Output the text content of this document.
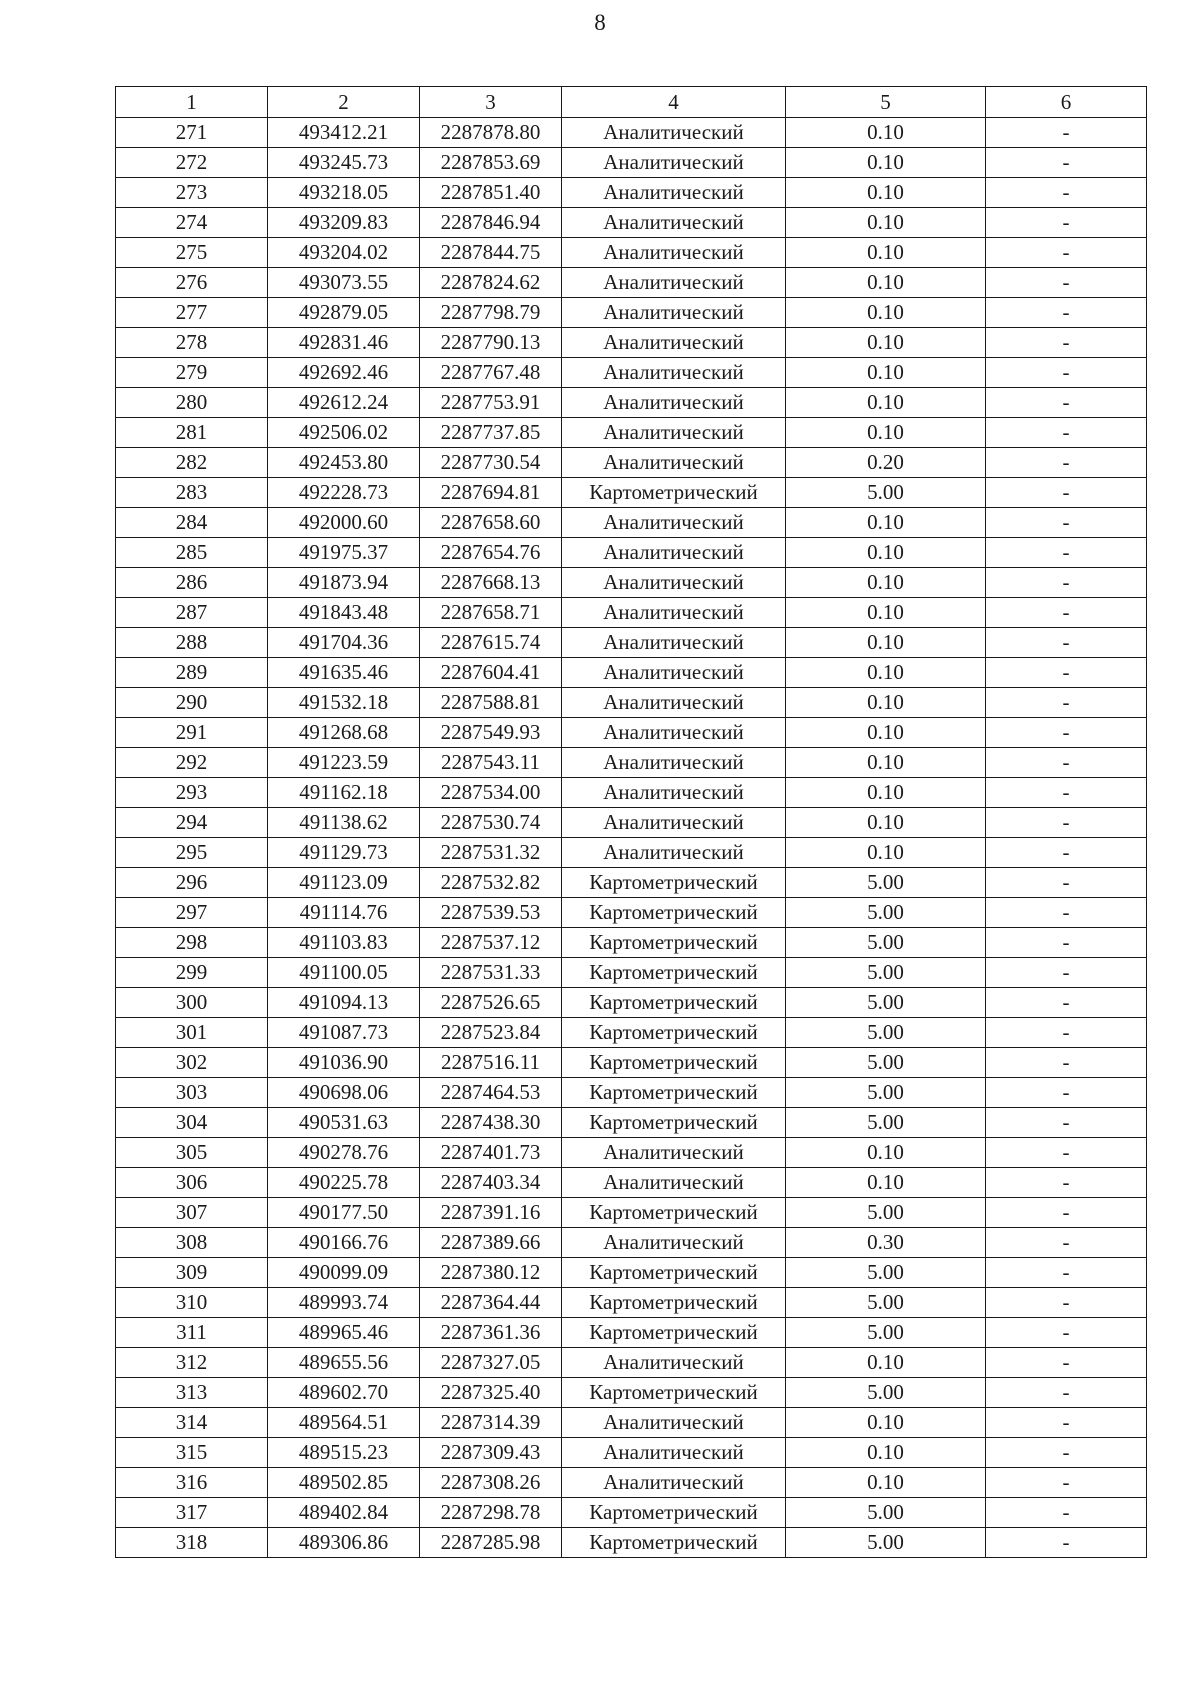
8
1	2	3	4	5	6
271	493412.21	2287878.80	Аналитический	0.10	-
272	493245.73	2287853.69	Аналитический	0.10	-
273	493218.05	2287851.40	Аналитический	0.10	-
274	493209.83	2287846.94	Аналитический	0.10	-
275	493204.02	2287844.75	Аналитический	0.10	-
276	493073.55	2287824.62	Аналитический	0.10	-
277	492879.05	2287798.79	Аналитический	0.10	-
278	492831.46	2287790.13	Аналитический	0.10	-
279	492692.46	2287767.48	Аналитический	0.10	-
280	492612.24	2287753.91	Аналитический	0.10	-
281	492506.02	2287737.85	Аналитический	0.10	-
282	492453.80	2287730.54	Аналитический	0.20	-
283	492228.73	2287694.81	Картометрический	5.00	-
284	492000.60	2287658.60	Аналитический	0.10	-
285	491975.37	2287654.76	Аналитический	0.10	-
286	491873.94	2287668.13	Аналитический	0.10	-
287	491843.48	2287658.71	Аналитический	0.10	-
288	491704.36	2287615.74	Аналитический	0.10	-
289	491635.46	2287604.41	Аналитический	0.10	-
290	491532.18	2287588.81	Аналитический	0.10	-
291	491268.68	2287549.93	Аналитический	0.10	-
292	491223.59	2287543.11	Аналитический	0.10	-
293	491162.18	2287534.00	Аналитический	0.10	-
294	491138.62	2287530.74	Аналитический	0.10	-
295	491129.73	2287531.32	Аналитический	0.10	-
296	491123.09	2287532.82	Картометрический	5.00	-
297	491114.76	2287539.53	Картометрический	5.00	-
298	491103.83	2287537.12	Картометрический	5.00	-
299	491100.05	2287531.33	Картометрический	5.00	-
300	491094.13	2287526.65	Картометрический	5.00	-
301	491087.73	2287523.84	Картометрический	5.00	-
302	491036.90	2287516.11	Картометрический	5.00	-
303	490698.06	2287464.53	Картометрический	5.00	-
304	490531.63	2287438.30	Картометрический	5.00	-
305	490278.76	2287401.73	Аналитический	0.10	-
306	490225.78	2287403.34	Аналитический	0.10	-
307	490177.50	2287391.16	Картометрический	5.00	-
308	490166.76	2287389.66	Аналитический	0.30	-
309	490099.09	2287380.12	Картометрический	5.00	-
310	489993.74	2287364.44	Картометрический	5.00	-
311	489965.46	2287361.36	Картометрический	5.00	-
312	489655.56	2287327.05	Аналитический	0.10	-
313	489602.70	2287325.40	Картометрический	5.00	-
314	489564.51	2287314.39	Аналитический	0.10	-
315	489515.23	2287309.43	Аналитический	0.10	-
316	489502.85	2287308.26	Аналитический	0.10	-
317	489402.84	2287298.78	Картометрический	5.00	-
318	489306.86	2287285.98	Картометрический	5.00	-
